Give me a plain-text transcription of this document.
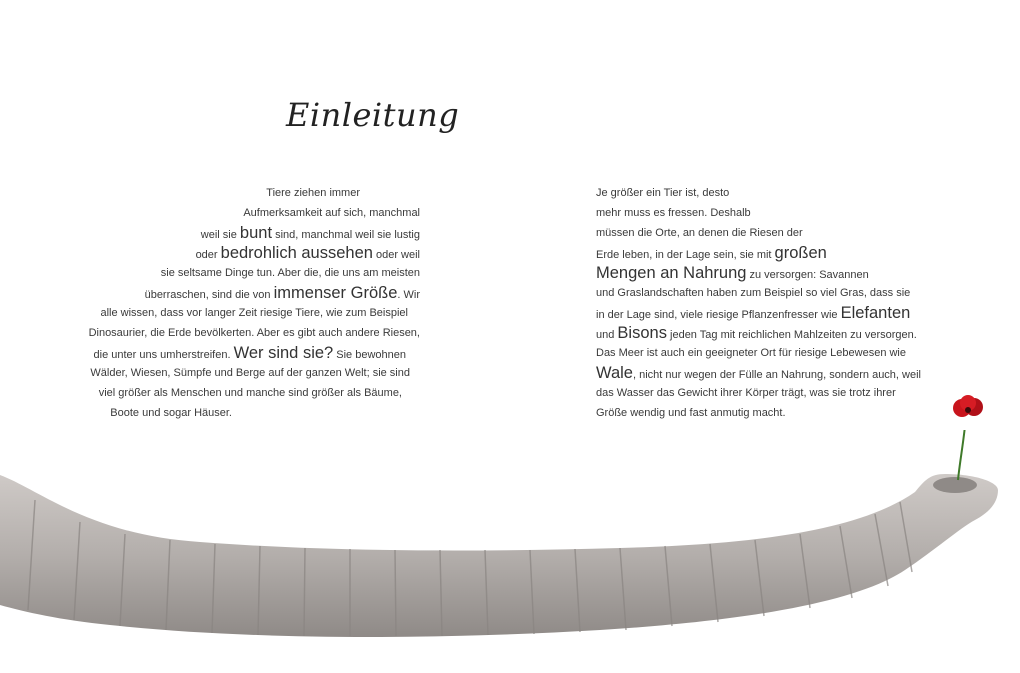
Einleitung
Tiere ziehen immer
Aufmerksamkeit auf sich, manchmal
weil sie bunt sind, manchmal weil sie lustig
oder bedrohlich aussehen oder weil
sie seltsame Dinge tun. Aber die, die uns am meisten
überraschen, sind die von immenser Größe. Wir
alle wissen, dass vor langer Zeit riesige Tiere, wie zum Beispiel
Dinosaurier, die Erde bevölkerten. Aber es gibt auch andere Riesen,
die unter uns umherstreifen. Wer sind sie? Sie bewohnen
Wälder, Wiesen, Sümpfe und Berge auf der ganzen Welt; sie sind
viel größer als Menschen und manche sind größer als Bäume,
Boote und sogar Häuser.
Je größer ein Tier ist, desto
mehr muss es fressen. Deshalb
müssen die Orte, an denen die Riesen der
Erde leben, in der Lage sein, sie mit großen
Mengen an Nahrung zu versorgen: Savannen
und Graslandschaften haben zum Beispiel so viel Gras, dass sie
in der Lage sind, viele riesige Pflanzenfresser wie Elefanten
und Bisons jeden Tag mit reichlichen Mahlzeiten zu versorgen.
Das Meer ist auch ein geeigneter Ort für riesige Lebewesen wie
Wale, nicht nur wegen der Fülle an Nahrung, sondern auch, weil
das Wasser das Gewicht ihrer Körper trägt, was sie trotz ihrer
Größe wendig und fast anmutig macht.
